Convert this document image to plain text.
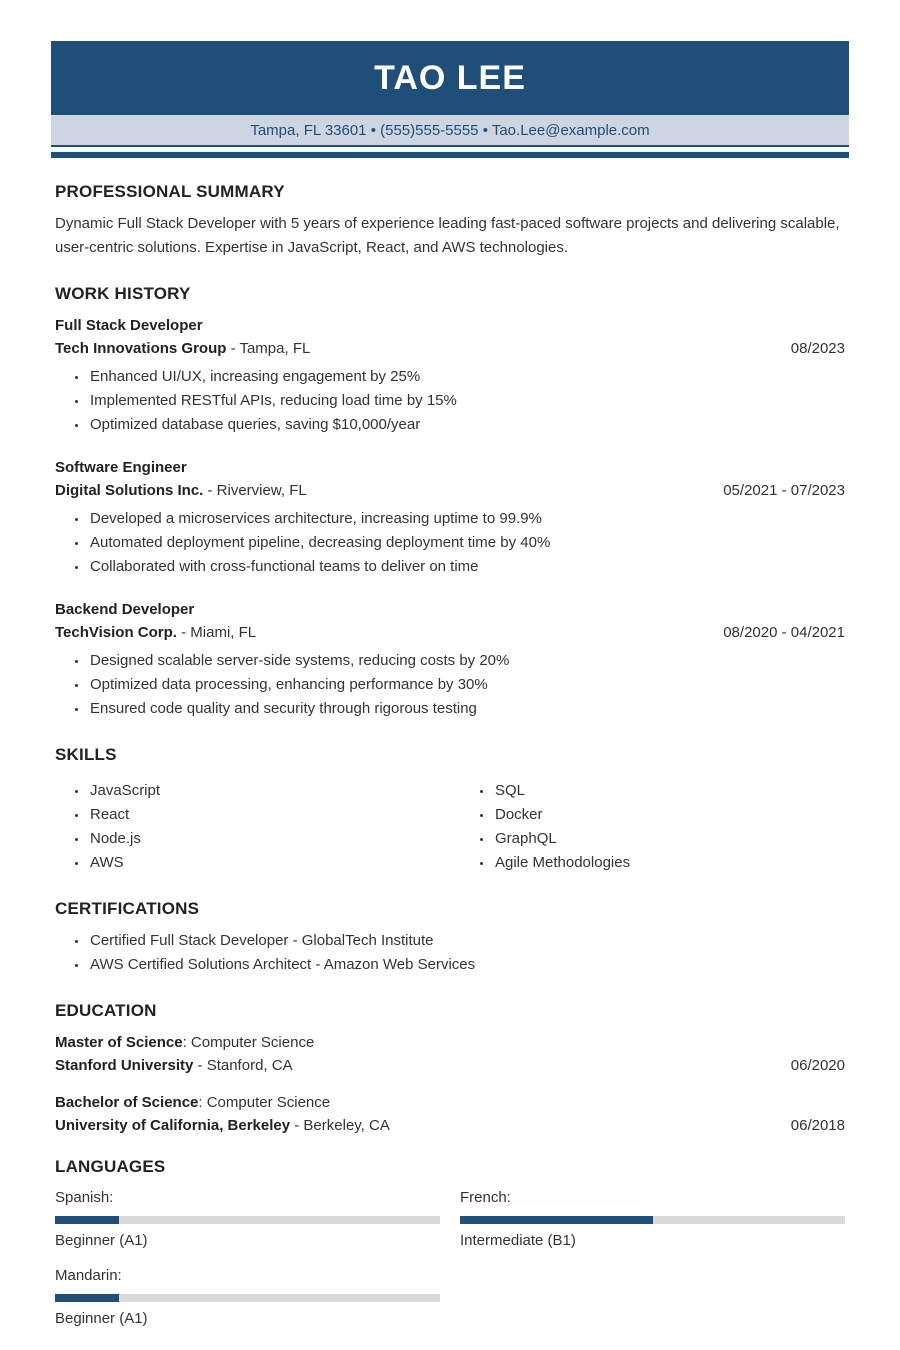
TAO LEE
Tampa, FL 33601 • (555)555-5555 • Tao.Lee@example.com
PROFESSIONAL SUMMARY

Dynamic Full Stack Developer with 5 years of experience leading fast-paced software projects and delivering scalable, user-centric solutions. Expertise in JavaScript, React, and AWS technologies.

WORK HISTORY
Full Stack Developer
Tech Innovations Group - Tampa, FL	08/2023
• Enhanced UI/UX, increasing engagement by 25%
• Implemented RESTful APIs, reducing load time by 15%
• Optimized database queries, saving $10,000/year
Software Engineer
Digital Solutions Inc. - Riverview, FL	05/2021 - 07/2023
• Developed a microservices architecture, increasing uptime to 99.9%
• Automated deployment pipeline, decreasing deployment time by 40%
• Collaborated with cross-functional teams to deliver on time
Backend Developer
TechVision Corp. - Miami, FL	08/2020 - 04/2021
• Designed scalable server-side systems, reducing costs by 20%
• Optimized data processing, enhancing performance by 30%
• Ensured code quality and security through rigorous testing
SKILLS
• JavaScript
• React
• Node.js
• AWS
• SQL
• Docker
• GraphQL
• Agile Methodologies
CERTIFICATIONS
• Certified Full Stack Developer - GlobalTech Institute
• AWS Certified Solutions Architect - Amazon Web Services
EDUCATION
Master of Science: Computer Science
Stanford University - Stanford, CA	06/2020
Bachelor of Science: Computer Science
University of California, Berkeley - Berkeley, CA	06/2018
LANGUAGES
Spanish:
Beginner (A1)
French:
Intermediate (B1)
Mandarin:
Beginner (A1)
